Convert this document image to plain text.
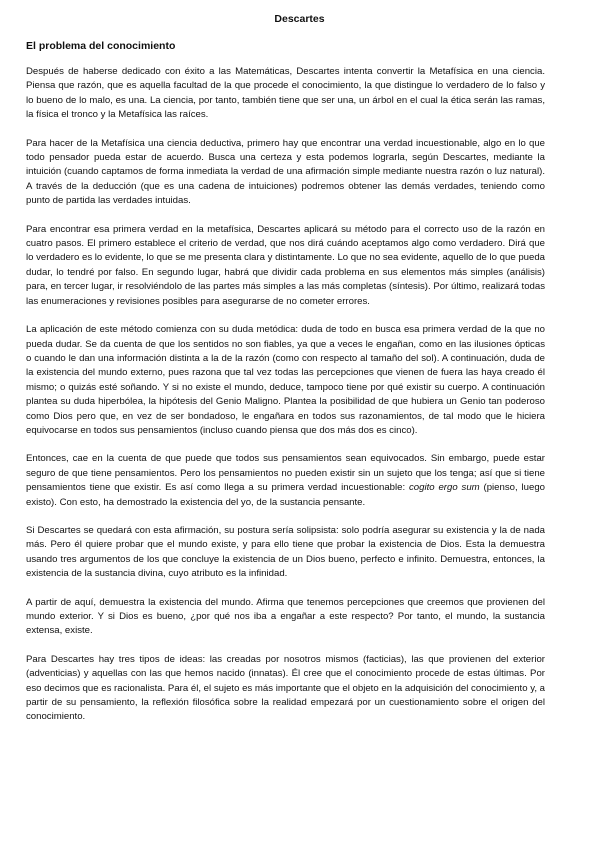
Descartes
El problema del conocimiento

Después de haberse dedicado con éxito a las Matemáticas, Descartes intenta convertir la Metafísica en una ciencia. Piensa que razón, que es aquella facultad de la que procede el conocimiento, la que distingue lo verdadero de lo falso y lo bueno de lo malo, es una. La ciencia, por tanto, también tiene que ser una, un árbol en el cual la ética serán las ramas, la física el tronco y la Metafísica las raíces.

Para hacer de la Metafísica una ciencia deductiva, primero hay que encontrar una verdad incuestionable, algo en lo que todo pensador pueda estar de acuerdo. Busca una certeza y esta podemos lograrla, según Descartes, mediante la intuición (cuando captamos de forma inmediata la verdad de una afirmación simple mediante nuestra razón o luz natural). A través de la deducción (que es una cadena de intuiciones) podremos obtener las demás verdades, teniendo como punto de partida las verdades intuidas.

Para encontrar esa primera verdad en la metafísica, Descartes aplicará su método para el correcto uso de la razón en cuatro pasos. El primero establece el criterio de verdad, que nos dirá cuándo aceptamos algo como verdadero. Dirá que lo verdadero es lo evidente, lo que se me presenta clara y distintamente. Lo que no sea evidente, aquello de lo que pueda dudar, lo tendré por falso. En segundo lugar, habrá que dividir cada problema en sus elementos más simples (análisis) para, en tercer lugar, ir resolviéndolo de las partes más simples a las más completas (síntesis). Por último, realizará todas las enumeraciones y revisiones posibles para asegurarse de no cometer errores.

La aplicación de este método comienza con su duda metódica: duda de todo en busca esa primera verdad de la que no pueda dudar. Se da cuenta de que los sentidos no son fiables, ya que a veces le engañan, como en las ilusiones ópticas o cuando le dan una información distinta a la de la razón (como con respecto al tamaño del sol). A continuación, duda de la existencia del mundo externo, pues razona que tal vez todas las percepciones que vienen de fuera las haya creado él mismo; o quizás esté soñando. Y si no existe el mundo, deduce, tampoco tiene por qué existir su cuerpo. A continuación plantea su duda hiperbólea, la hipótesis del Genio Maligno. Plantea la posibilidad de que hubiera un Genio tan poderoso como Dios pero que, en vez de ser bondadoso, le engañara en todos sus razonamientos, de tal modo que le hiciera equivocarse en todos sus pensamientos (incluso cuando piensa que dos más dos es cinco).

Entonces, cae en la cuenta de que puede que todos sus pensamientos sean equivocados. Sin embargo, puede estar seguro de que tiene pensamientos. Pero los pensamientos no pueden existir sin un sujeto que los tenga; así que si tiene pensamientos tiene que existir. Es así como llega a su primera verdad incuestionable: cogito ergo sum (pienso, luego existo). Con esto, ha demostrado la existencia del yo, de la sustancia pensante.

Si Descartes se quedará con esta afirmación, su postura sería solipsista: solo podría asegurar su existencia y la de nada más. Pero él quiere probar que el mundo existe, y para ello tiene que probar la existencia de Dios. Esta la demuestra usando tres argumentos de los que concluye la existencia de un Dios bueno, perfecto e infinito. Demuestra, entonces, la existencia de la sustancia divina, cuyo atributo es la infinidad.

A partir de aquí, demuestra la existencia del mundo. Afirma que tenemos percepciones que creemos que provienen del mundo exterior. Y si Dios es bueno, ¿por qué nos iba a engañar a este respecto? Por tanto, el mundo, la sustancia extensa, existe.

Para Descartes hay tres tipos de ideas: las creadas por nosotros mismos (facticias), las que provienen del exterior (adventicias) y aquellas con las que hemos nacido (innatas). Él cree que el conocimiento procede de estas últimas. Por eso decimos que es racionalista. Para él, el sujeto es más importante que el objeto en la adquisición del conocimiento y, a partir de su pensamiento, la reflexión filosófica sobre la realidad empezará por un cuestionamiento sobre el origen del conocimiento.
